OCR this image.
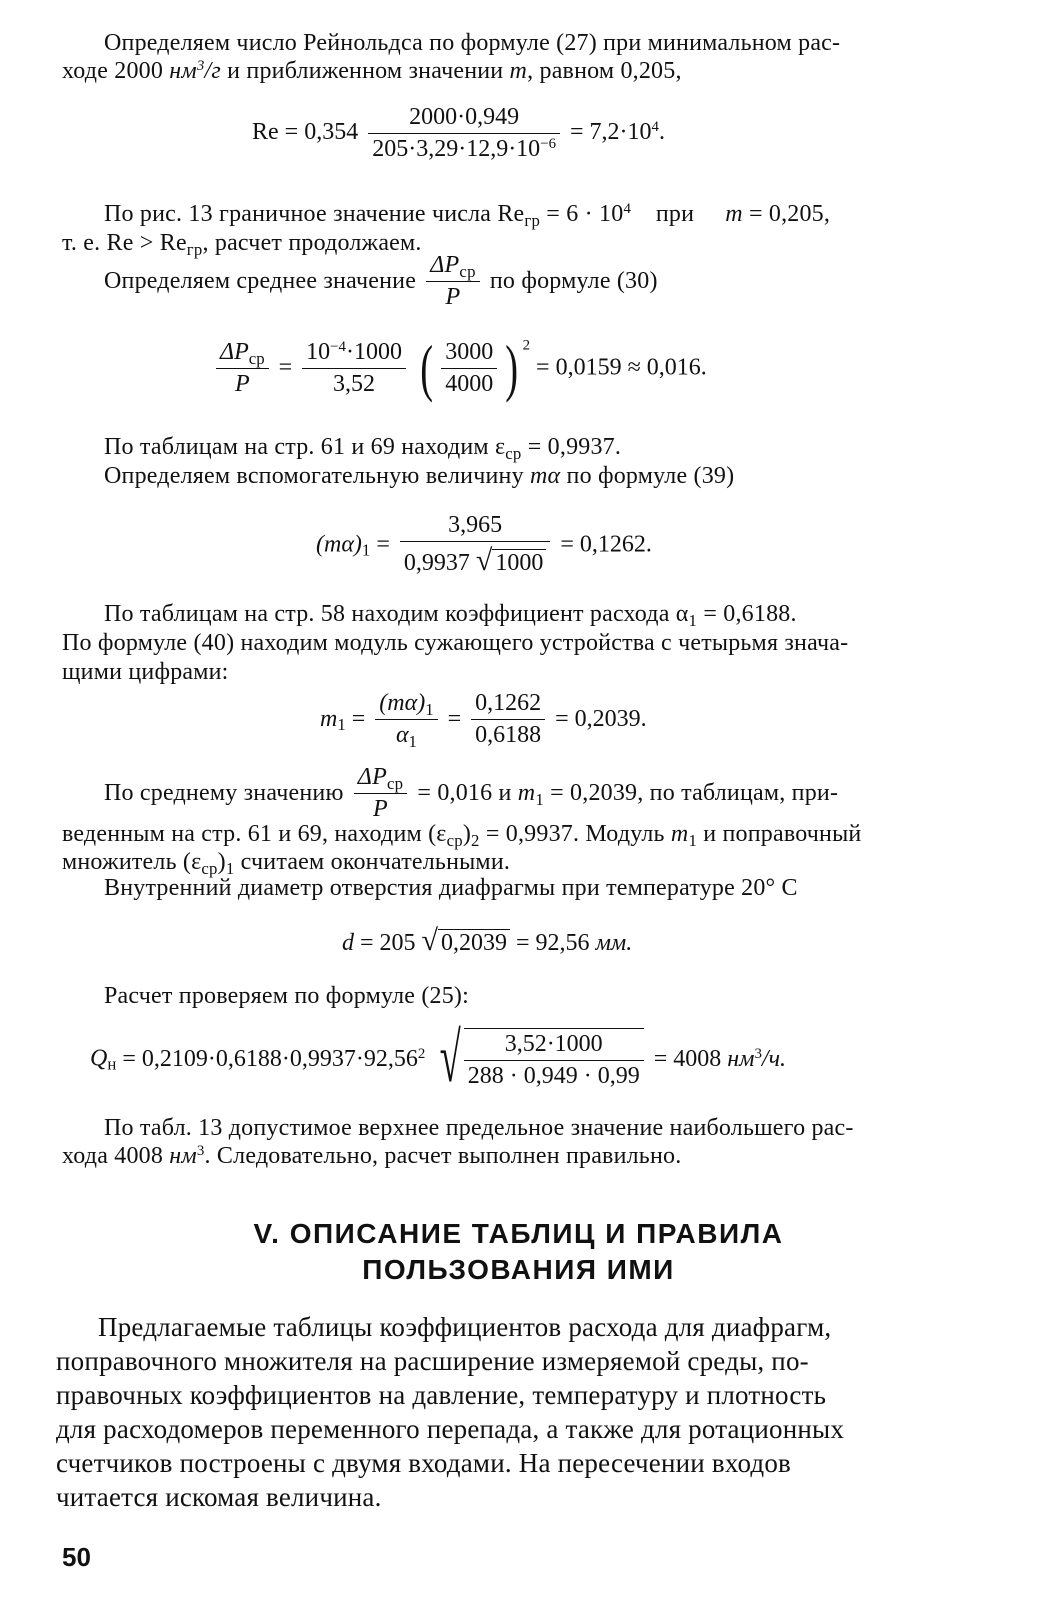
Определяем число Рейнольдса по формуле (27) при минимальном рас-
ходе 2000 $нм^3/г$ и приближенном значении m, равном 0,205,
$Re = 0,354 \frac{2000\cdot 0,949}{205\cdot 3,29\cdot 12,9\cdot 10^{-6}} = 7,2\cdot 10^4$.
По рис. 13 граничное значение числа $Re_{гр} = 6 \cdot 10^4$ при m = 0,205,
т. е. $Re > Re_{гр}$, расчет продолжаем.
Определяем среднее значение $\frac{\Delta P_{ср}}{P}$ по формуле (30)
$\frac{\Delta P_{ср}}{P} = \frac{10^{-4}\cdot 1000}{3,52}$ ( $\frac{3000}{4000}$ ) $^2$ = 0,0159 ≈ 0,016.
По таблицам на стр. 61 и 69 находим $\varepsilon_{ср} = 0,9937$.
Определяем вспомогательную величину mα по формуле (39)
$(m\alpha)_1 = \frac{3,965}{0,9937 √ 1000} = 0,1262$.
По таблицам на стр. 58 находим коэффициент расхода $\alpha_1 = 0,6188$.
По формуле (40) находим модуль сужающего устройства с четырьмя знача-
щими цифрами:
$m_1 = \frac{(m\alpha)_1}{\alpha_1} = \frac{0,1262}{0,6188} = 0,2039$.
По среднему значению $\frac{\Delta P_{ср}}{P} = 0,016$ и $m_1 = 0,2039$, по таблицам, при-
веденным на стр. 61 и 69, находим $(\varepsilon_{ср})_2 = 0,9937$. Модуль $m_1$ и поправочный
множитель $(\varepsilon_{ср})_1$ считаем окончательными.
Внутренний диаметр отверстия диафрагмы при температуре 20° С
d = 205 √ 0,2039 = 92,56 мм.
Расчет проверяем по формуле (25):
$Q_н = 0,2109\cdot 0,6188\cdot 0,9937\cdot 92,56^2$ √ $\frac{3,52\cdot 1000}{288 \cdot 0,949 \cdot 0,99} = 4008$ $нм^3/ч$.
По табл. 13 допустимое верхнее предельное значение наибольшего рас-
хода 4008 $нм^3$. Следовательно, расчет выполнен правильно.
V. ОПИСАНИЕ ТАБЛИЦ И ПРАВИЛА
ПОЛЬЗОВАНИЯ ИМИ
Предлагаемые таблицы коэффициентов расхода для диафрагм,
поправочного множителя на расширение измеряемой среды, по-
правочных коэффициентов на давление, температуру и плотность
для расходомеров переменного перепада, а также для ротационных
счетчиков построены с двумя входами. На пересечении входов
читается искомая величина.
50
